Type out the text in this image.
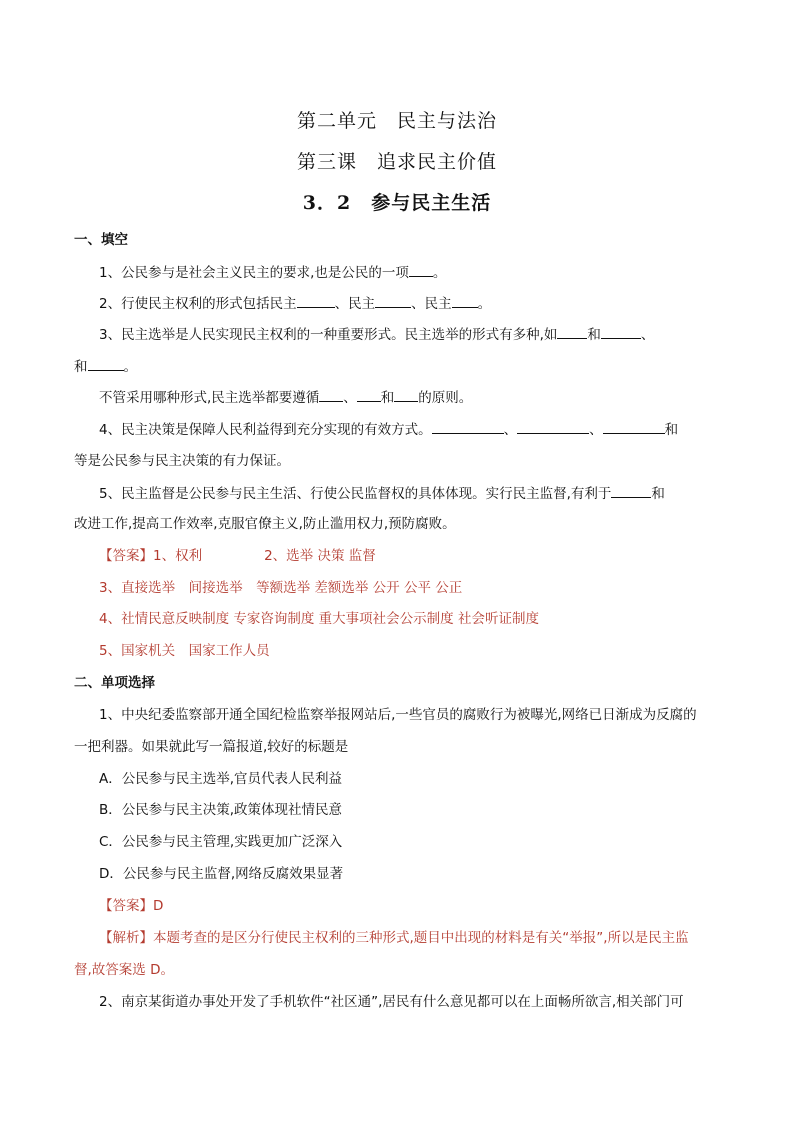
第二单元　民主与法治
第三课　追求民主价值
3．2　参与民主生活
一、填空
1、公民参与是社会主义民主的要求,也是公民的一项 。
2、行使民主权利的形式包括民主	、民主	、民主 。
3、民主选举是人民实现民主权利的一种重要形式。民主选举的形式有多种,如 和	、
和	。
不管采用哪种形式,民主选举都要遵循 、 和 的原则。
4、民主决策是保障人民利益得到充分实现的有效方式。	、	、	和
等是公民参与民主决策的有力保证。
5、民主监督是公民参与民主生活、行使公民监督权的具体体现。实行民主监督,有利于	和
改进工作,提高工作效率,克服官僚主义,防止滥用权力,预防腐败。
【答案】1、权利	2、选举 决策 监督
3、直接选举　间接选举　等额选举 差额选举 公开 公平 公正
4、社情民意反映制度 专家咨询制度 重大事项社会公示制度 社会听证制度
5、国家机关　国家工作人员
二、单项选择
1、中央纪委监察部开通全国纪检监察举报网站后,一些官员的腐败行为被曝光,网络已日渐成为反腐的
一把利器。如果就此写一篇报道,较好的标题是
A．公民参与民主选举,官员代表人民利益
B．公民参与民主决策,政策体现社情民意
C．公民参与民主管理,实践更加广泛深入
D．公民参与民主监督,网络反腐效果显著
【答案】D
【解析】本题考查的是区分行使民主权利的三种形式,题目中出现的材料是有关“举报”,所以是民主监
督,故答案选 D。
2、南京某街道办事处开发了手机软件“社区通”,居民有什么意见都可以在上面畅所欲言,相关部门可
